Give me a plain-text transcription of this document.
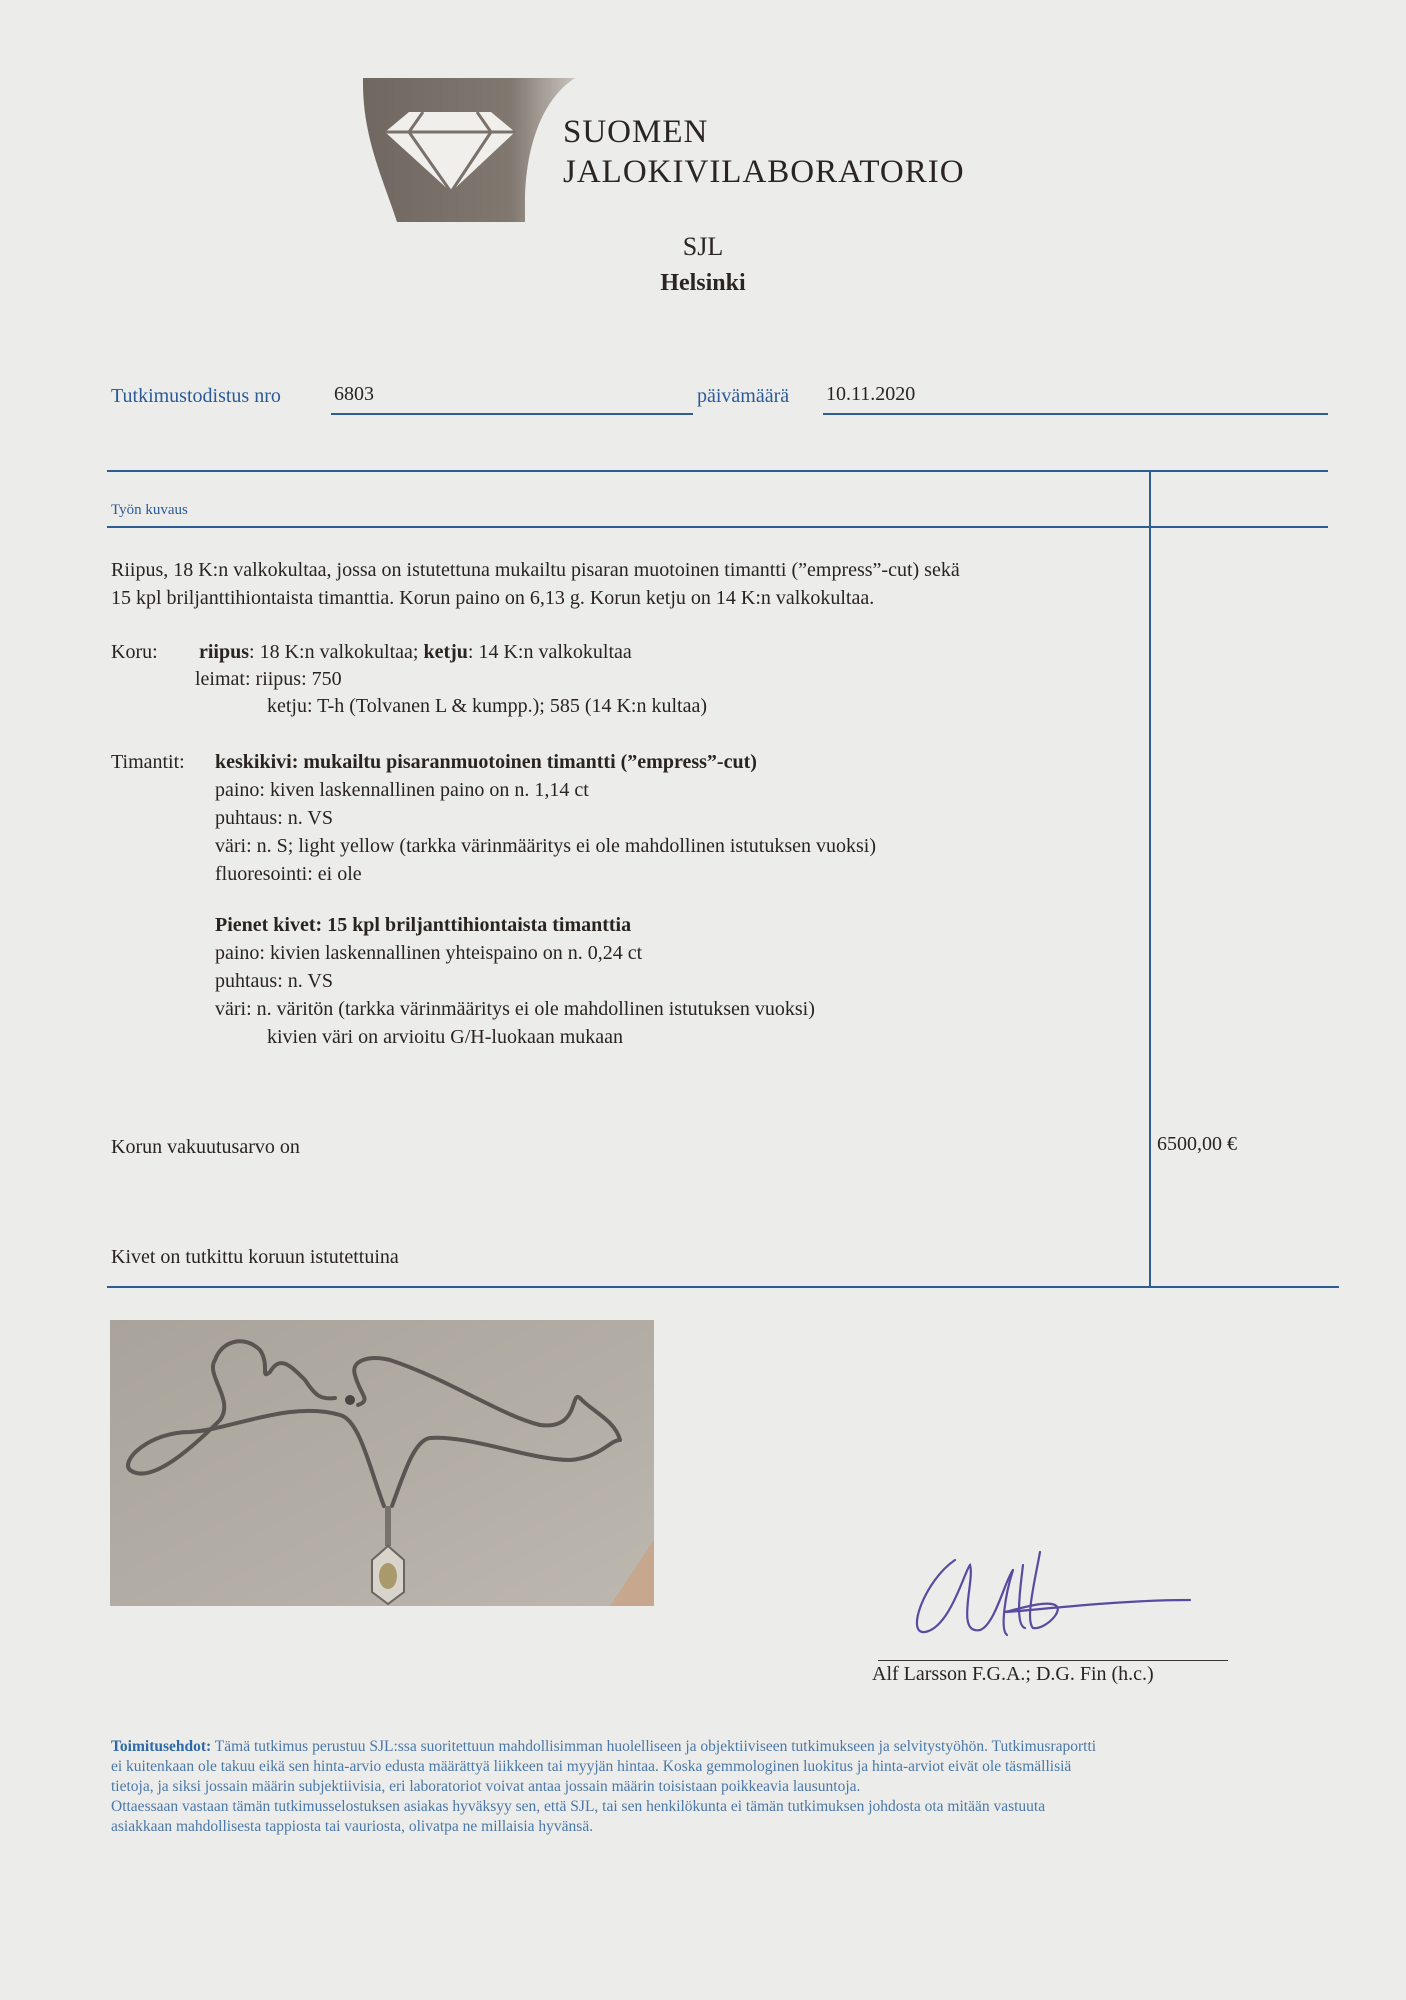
SUOMEN
JALOKIVILABORATORIO
SJL
Helsinki
Tutkimustodistus nro	6803	päivämäärä 10.11.2020
Työn kuvaus
Riipus, 18 K:n valkokultaa, jossa on istutettuna mukailtu pisaran muotoinen timantti (”empress”-cut) sekä
15 kpl briljanttihiontaista timanttia. Korun paino on 6,13 g. Korun ketju on 14 K:n valkokultaa.
Koru: riipus: 18 K:n valkokultaa; ketju: 14 K:n valkokultaa
leimat: riipus: 750
ketju: T-h (Tolvanen L & kumpp.); 585 (14 K:n kultaa)
Timantit: keskikivi: mukailtu pisaranmuotoinen timantti (”empress”-cut)
paino: kiven laskennallinen paino on n. 1,14 ct
puhtaus: n. VS
väri: n. S; light yellow (tarkka värinmääritys ei ole mahdollinen istutuksen vuoksi)
fluoresointi: ei ole
Pienet kivet: 15 kpl briljanttihiontaista timanttia
paino: kivien laskennallinen yhteispaino on n. 0,24 ct
puhtaus: n. VS
väri: n. väritön (tarkka värinmääritys ei ole mahdollinen istutuksen vuoksi)
kivien väri on arvioitu G/H-luokaan mukaan
Korun vakuutusarvo on	6500,00 €
Kivet on tutkittu koruun istutettuina
Alf Larsson F.G.A.; D.G. Fin (h.c.)
Toimitusehdot: Tämä tutkimus perustuu SJL:ssa suoritettuun mahdollisimman huolelliseen ja objektiiviseen tutkimukseen ja selvitystyöhön. Tutkimusraportti
ei kuitenkaan ole takuu eikä sen hinta-arvio edusta määrättyä liikkeen tai myyjän hintaa. Koska gemmologinen luokitus ja hinta-arviot eivät ole täsmällisiä
tietoja, ja siksi jossain määrin subjektiivisia, eri laboratoriot voivat antaa jossain määrin toisistaan poikkeavia lausuntoja.
Ottaessaan vastaan tämän tutkimusselostuksen asiakas hyväksyy sen, että SJL, tai sen henkilökunta ei tämän tutkimuksen johdosta ota mitään vastuuta
asiakkaan mahdollisesta tappiosta tai vauriosta, olivatpa ne millaisia hyvänsä.
